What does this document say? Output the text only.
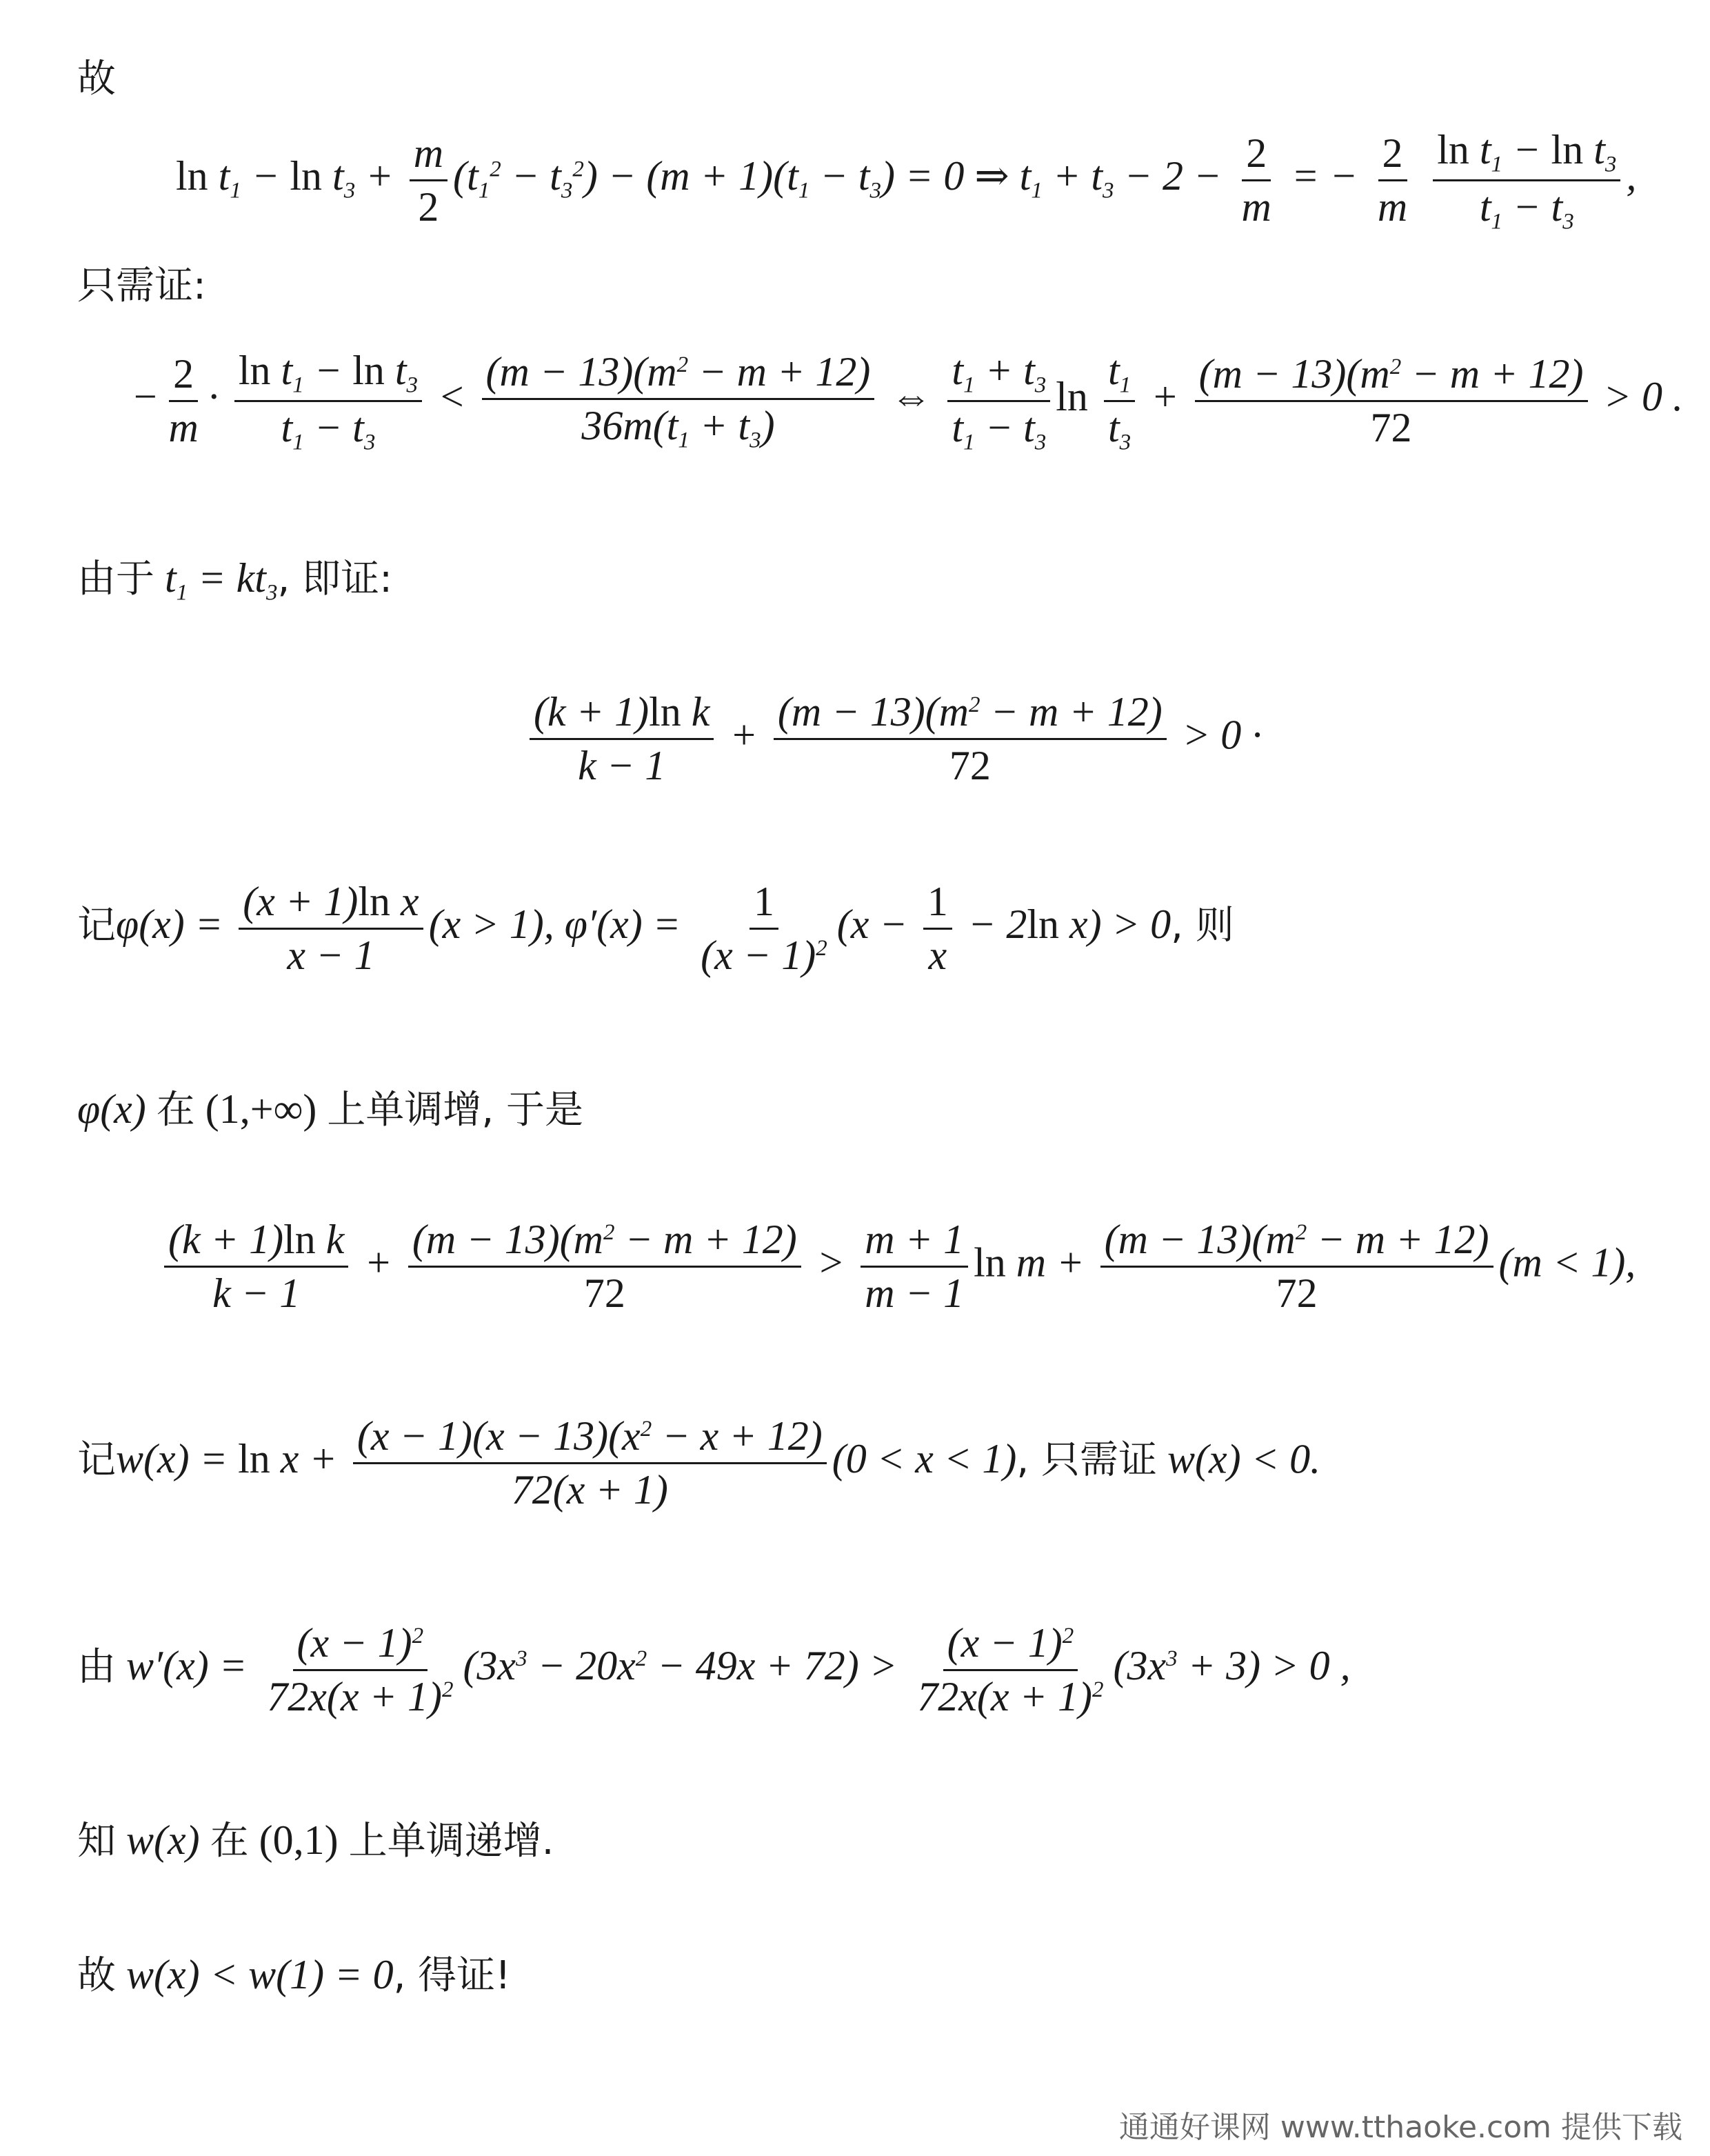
故
$\ln t_1 - \ln t_3 + \frac{m}{2} (t_1^2 - t_3^2) - (m + 1)(t_1 - t_3) = 0$ ⇒ $t_1 + t_3 - 2 - \frac{2}{m}$ = − $\frac{2}{m}$
$\frac{\ln t_1 - \ln t_3}{t_1 - t_3}$ ,
只需证:
− $\frac{2}{m} \cdot \frac{\ln t_1 - \ln t_3}{t_1 - t_3} < \frac{(m - 13)(m^2 - m + 12)}{36m(t_1 + t_3)}$ ⇔ $\frac{t_1 + t_3}{t_1 - t_3}$ $\ln \frac{t_1}{t_3} + \frac{(m - 13)(m^2 - m + 12)}{72} > 0$ .
由于 $t_1 = kt_3$, 即证:
$\frac{\text{(k + 1)ln k}}{k - 1} + \frac{(m - 13)(m^2 - m + 12)}{72} > 0$ ·
记$\varphi(x) = \frac{\text{(x + 1)ln x}}{x - 1} (x > 1)$, $\varphi'(x) = \frac{1}{(x - 1)^2} (x - \frac{1}{x} - 2\ln$ x) > 0, 则
φ(x) 在 (1,+∞) 上单调增, 于是
$\frac{\text{(k + 1)ln k}}{k - 1} + \frac{(m - 13)(m^2 - m + 12)}{72} > \frac{m + 1}{m - 1}$ $\ln m + \frac{(m - 13)(m^2 - m + 12)}{72} (m < 1)$,
记$w(x) = \ln x + \frac{(x - 1)(x - 13)(x^2 - x + 12)}{72(x + 1)} (0 < x < 1)$, 只需证 w(x) < 0.
由 $w'(x) = \frac{(x - 1)^2}{72x(x + 1)^2} (3x^3 - 20x^2 - 49x + 72) > \frac{(x - 1)^2}{72x(x + 1)^2} (3x^3 + 3) > 0$ ,
知 w(x) 在 (0,1) 上单调递增.
故 w(x) < w(1) = 0, 得证!
通通好课网 www.tthaoke.com 提供下载
